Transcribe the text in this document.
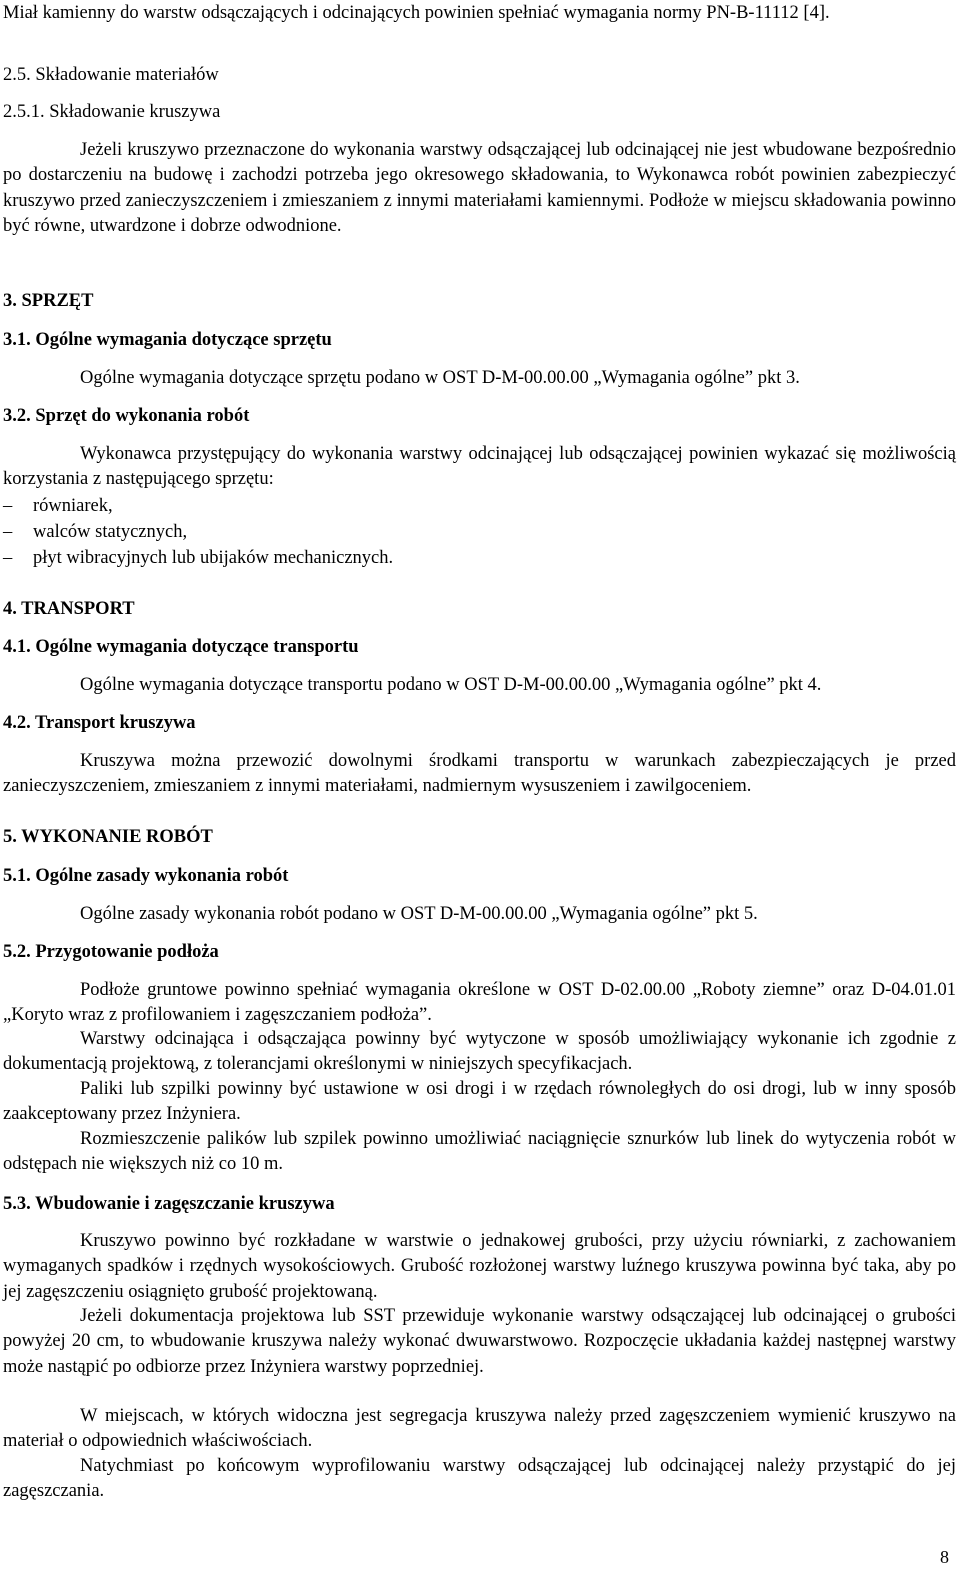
Miał kamienny do warstw odsączających i odcinających powinien spełniać wymagania normy PN-B-11112 [4].

2.5. Składowanie materiałów

2.5.1. Składowanie kruszywa

Jeżeli kruszywo przeznaczone do wykonania warstwy odsączającej lub odcinającej nie jest wbudowane bezpośrednio po dostarczeniu na budowę i zachodzi potrzeba jego okresowego składowania, to Wykonawca robót powinien zabezpieczyć kruszywo przed zanieczyszczeniem i zmieszaniem z innymi materiałami kamiennymi. Podłoże w miejscu składowania powinno być równe, utwardzone i dobrze odwodnione.

3. SPRZĘT

3.1. Ogólne wymagania dotyczące sprzętu

Ogólne wymagania dotyczące sprzętu podano w OST D-M-00.00.00 „Wymagania ogólne” pkt 3.

3.2. Sprzęt do wykonania robót

Wykonawca przystępujący do wykonania warstwy odcinającej lub odsączającej powinien wykazać się możliwością korzystania z następującego sprzętu:

– równiarek,
– walców statycznych,
– płyt wibracyjnych lub ubijaków mechanicznych.

4. TRANSPORT

4.1. Ogólne wymagania dotyczące transportu

Ogólne wymagania dotyczące transportu podano w OST D-M-00.00.00 „Wymagania ogólne” pkt 4.

4.2. Transport kruszywa

Kruszywa można przewozić dowolnymi środkami transportu w warunkach zabezpieczających je przed zanieczyszczeniem, zmieszaniem z innymi materiałami, nadmiernym wysuszeniem i zawilgoceniem.

5. WYKONANIE ROBÓT

5.1. Ogólne zasady wykonania robót

Ogólne zasady wykonania robót podano w OST D-M-00.00.00 „Wymagania ogólne” pkt 5.

5.2. Przygotowanie podłoża

Podłoże gruntowe powinno spełniać wymagania określone w OST D-02.00.00 „Roboty ziemne” oraz D-04.01.01 „Koryto wraz z profilowaniem i zagęszczaniem podłoża”.

Warstwy odcinająca i odsączająca powinny być wytyczone w sposób umożliwiający wykonanie ich zgodnie z dokumentacją projektową, z tolerancjami określonymi w niniejszych specyfikacjach.

Paliki lub szpilki powinny być ustawione w osi drogi i w rzędach równoległych do osi drogi, lub w inny sposób zaakceptowany przez Inżyniera.

Rozmieszczenie palików lub szpilek powinno umożliwiać naciągnięcie sznurków lub linek do wytyczenia robót w odstępach nie większych niż co 10 m.

5.3. Wbudowanie i zagęszczanie kruszywa

Kruszywo powinno być rozkładane w warstwie o jednakowej grubości, przy użyciu równiarki, z zachowaniem wymaganych spadków i rzędnych wysokościowych. Grubość rozłożonej warstwy luźnego kruszywa powinna być taka, aby po jej zagęszczeniu osiągnięto grubość projektowaną.

Jeżeli dokumentacja projektowa lub SST przewiduje wykonanie warstwy odsączającej lub odcinającej o grubości powyżej 20 cm, to wbudowanie kruszywa należy wykonać dwuwarstwowo. Rozpoczęcie układania każdej następnej warstwy może nastąpić po odbiorze przez Inżyniera warstwy poprzedniej.

W miejscach, w których widoczna jest segregacja kruszywa należy przed zagęszczeniem wymienić kruszywo na materiał o odpowiednich właściwościach.

Natychmiast po końcowym wyprofilowaniu warstwy odsączającej lub odcinającej należy przystąpić do jej zagęszczania.

8
